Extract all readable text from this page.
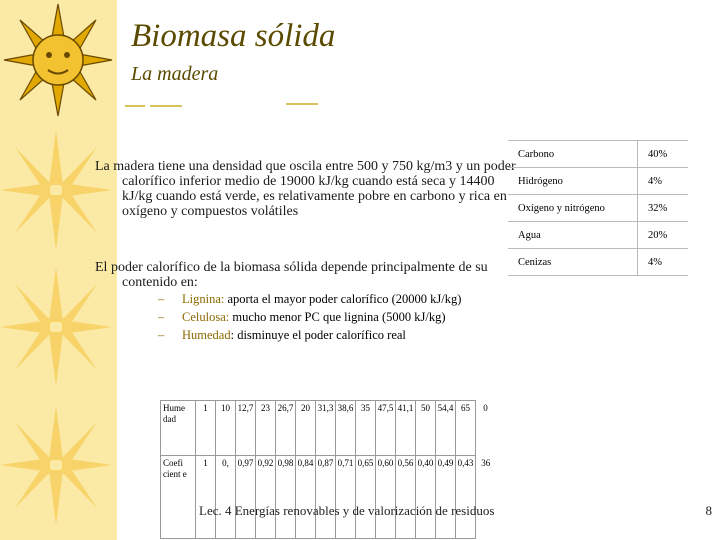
Biomasa sólida
La madera

La madera tiene una densidad que oscila entre 500 y 750 kg/m3 y un poder calorífico inferior medio de 19000 kJ/kg cuando está seca y 14400 kJ/kg cuando está verde, es relativamente pobre en carbono y rica en oxígeno y compuestos volátiles

El poder calorífico de la biomasa sólida depende principalmente de su contenido en:

– Lignina: aporta el mayor poder calorífico (20000 kJ/kg)
– Celulosa: mucho menor PC que lignina (5000 kJ/kg)
– Humedad: disminuye el poder calorífico real
Carbono	40%
Hidrógeno	4%
Oxígeno y nitrógeno	32%
Agua	20%
Cenizas	4%
Hume dad	1	10	12,7	23	26,7	20	31,3	38,6	35	47,5	41,1	50	54,4	65	0
Coefi cient e	1	0,	0,97	0,92	0,98	0,84	0,87	0,71	0,65	0,60	0,56	0,40	0,49	0,43	36
Lec. 4 Energías renovables y de valorización de residuos	8
